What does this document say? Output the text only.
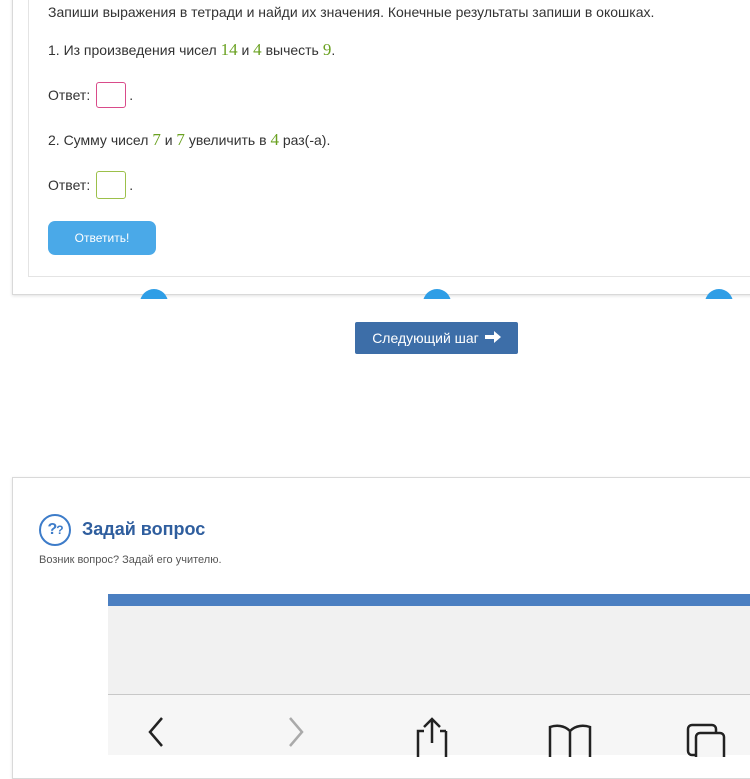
Запиши выражения в тетради и найди их значения. Конечные результаты запиши в окошках.
1. Из произведения чисел 14 и 4 вычесть 9.
Ответ:	.
2. Сумму чисел 7 и 7 увеличить в 4 раз(-а).
Ответ:	.
Ответить!
Следующий шаг
? ? Задай вопрос
Возник вопрос? Задай его учителю.
